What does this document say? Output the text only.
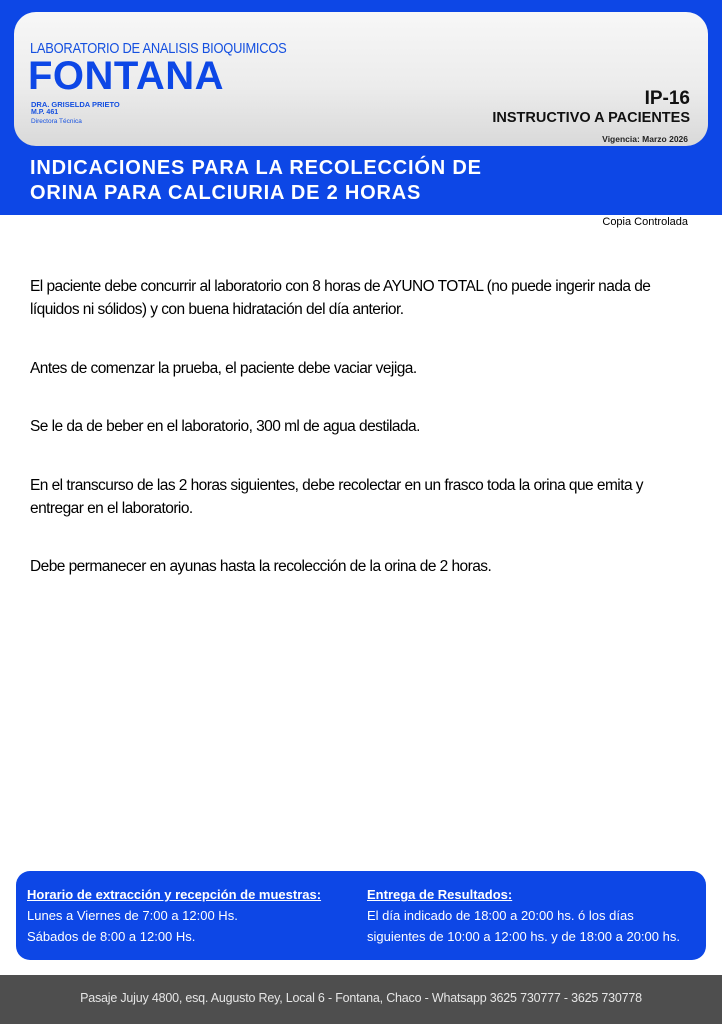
LABORATORIO DE ANALISIS BIOQUIMICOS
FONTANA
DRA. GRISELDA PRIETO
M.P. 461
Directora Técnica
IP-16
INSTRUCTIVO A PACIENTES
Vigencia: Marzo 2026
INDICACIONES PARA LA RECOLECCIÓN DE
ORINA PARA CALCIURIA DE 2 HORAS
Copia Controlada

El paciente debe concurrir al laboratorio con 8 horas de AYUNO TOTAL (no puede ingerir nada de líquidos ni sólidos) y con buena hidratación del día anterior.

Antes de comenzar la prueba, el paciente debe vaciar vejiga.

Se le da de beber en el laboratorio, 300 ml de agua destilada.

En el transcurso de las 2 horas siguientes, debe recolectar en un frasco toda la orina que emita y entregar en el laboratorio.

Debe permanecer en ayunas hasta la recolección de la orina de 2 horas.

Horario de extracción y recepción de muestras:
Lunes a Viernes de 7:00 a 12:00 Hs.
Sábados de 8:00 a 12:00 Hs.
Entrega de Resultados:
El día indicado de 18:00 a 20:00 hs. ó los días
siguientes de 10:00 a 12:00 hs. y de 18:00 a 20:00 hs.
Pasaje Jujuy 4800, esq. Augusto Rey, Local 6 - Fontana, Chaco - Whatsapp 3625 730777 - 3625 730778
